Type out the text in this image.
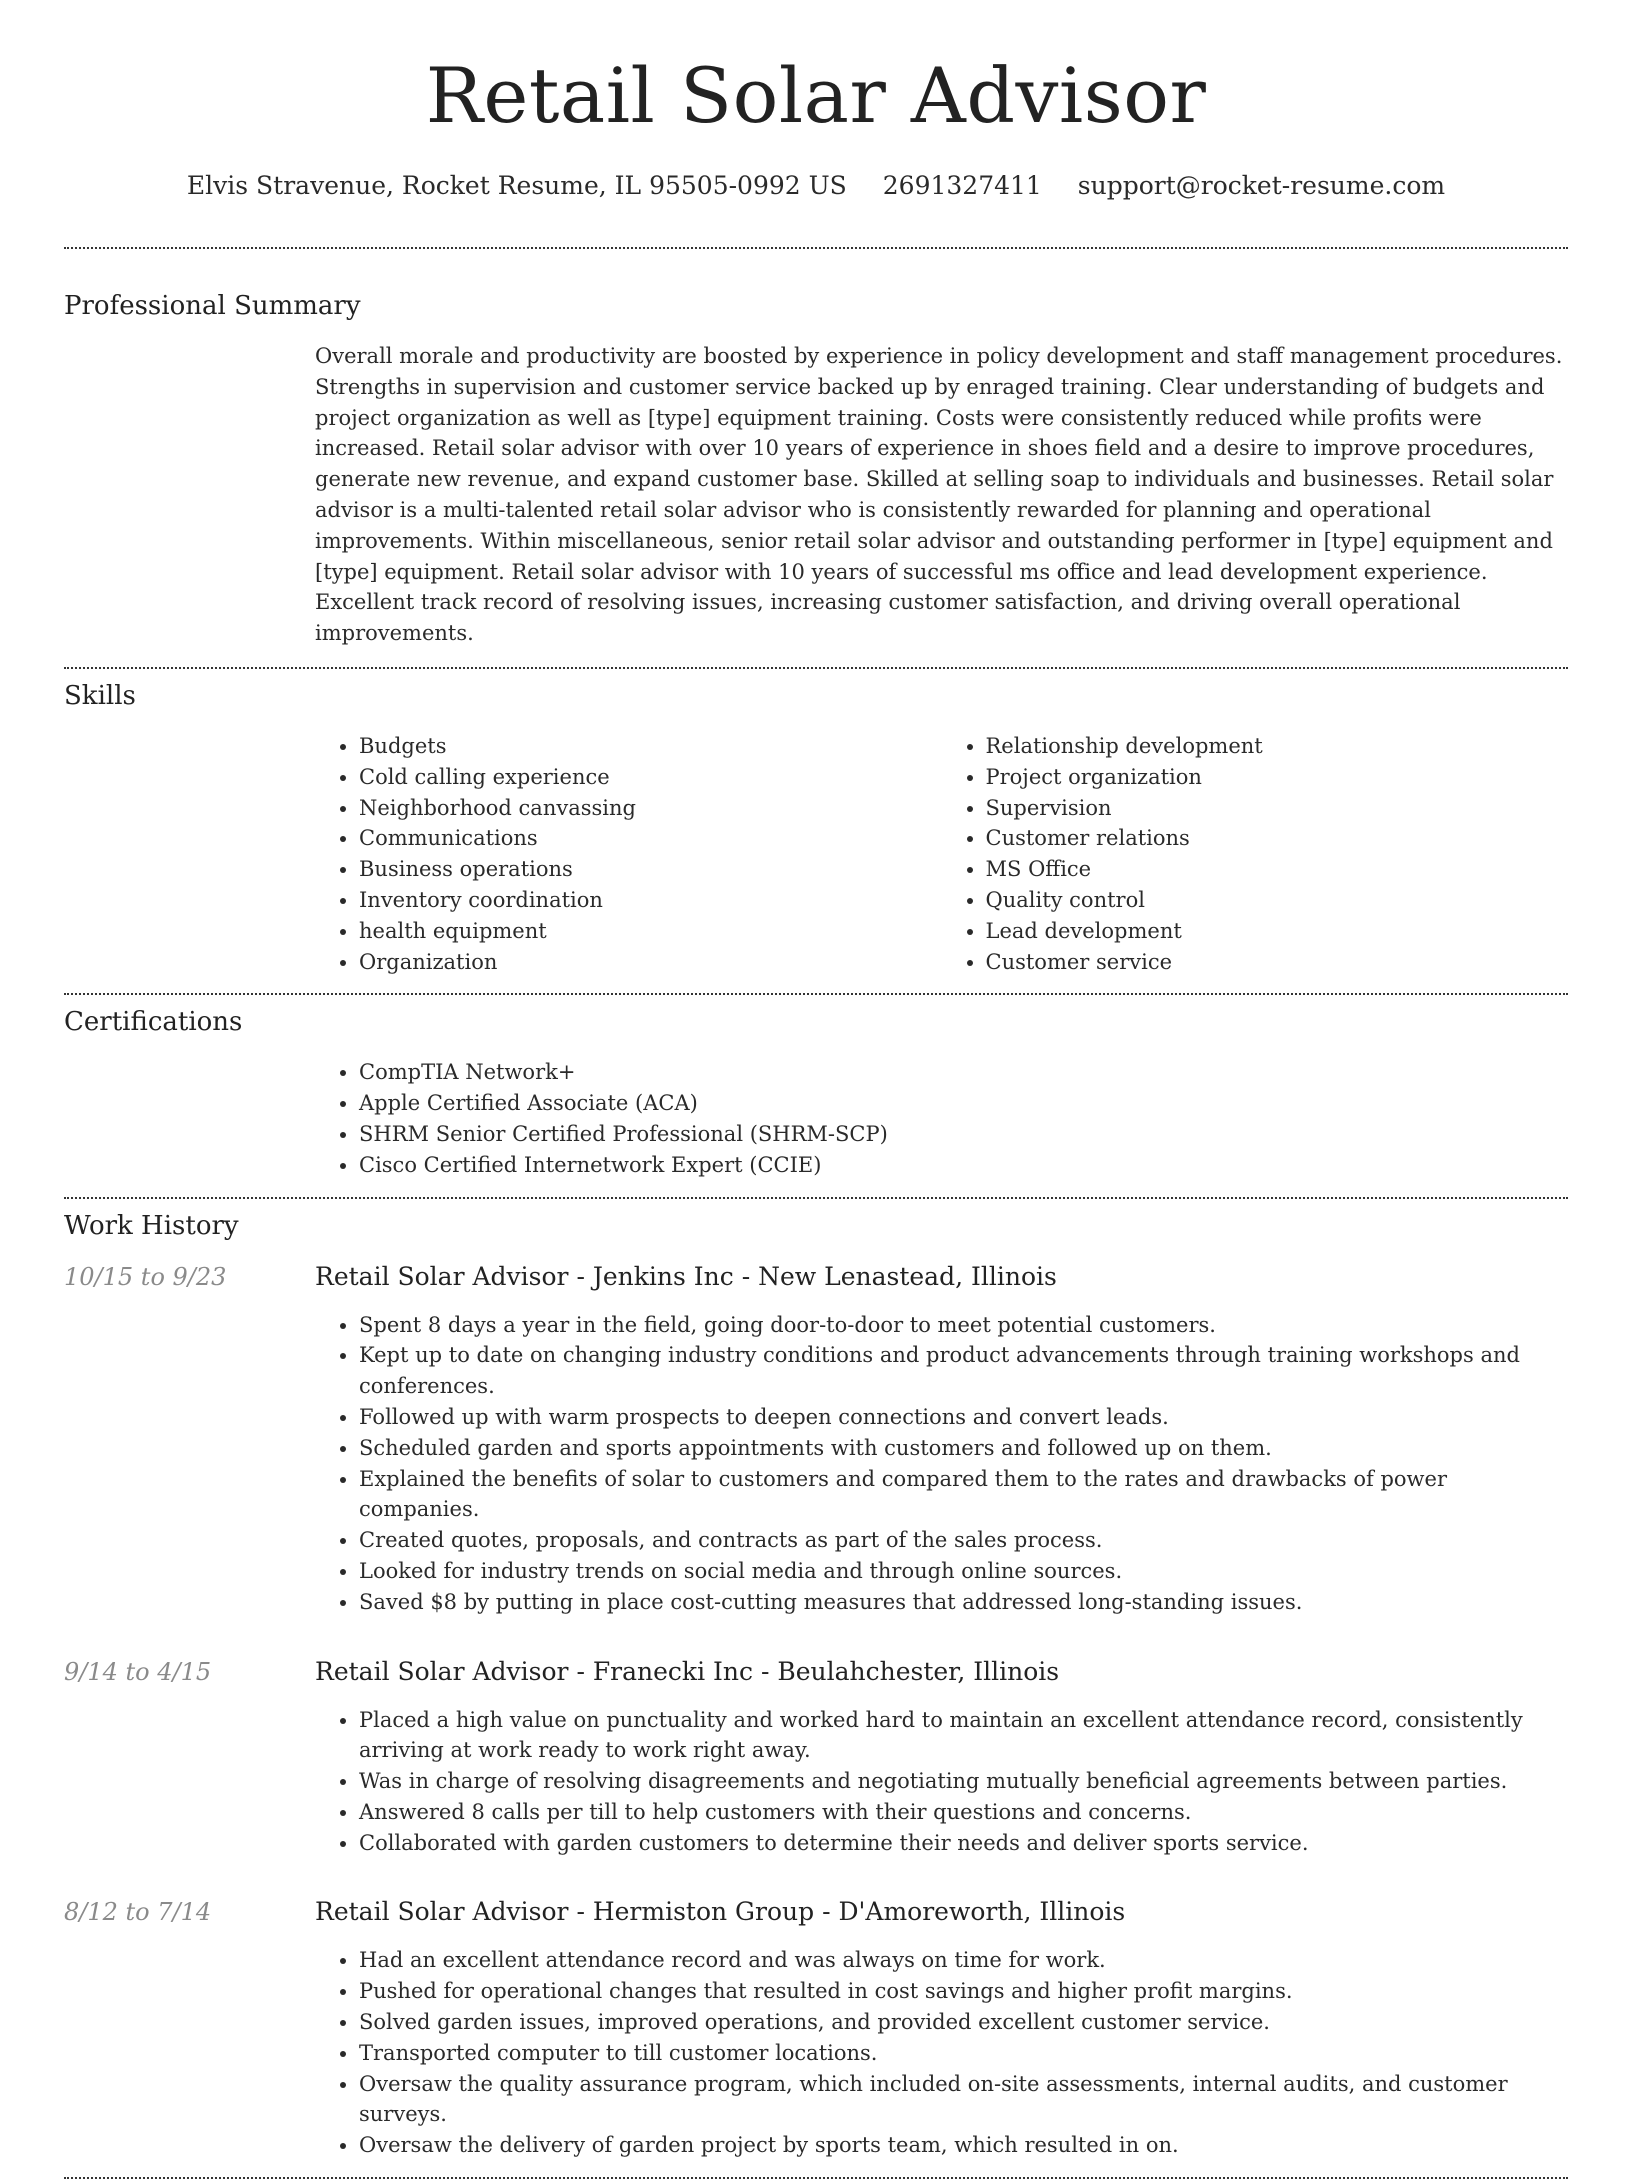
Retail Solar Advisor
Elvis Stravenue, Rocket Resume, IL 95505-0992 US 2691327411 support@rocket-resume.com
Professional Summary

Overall morale and productivity are boosted by experience in policy development and staff management procedures. Strengths in supervision and customer service backed up by enraged training. Clear understanding of budgets and project organization as well as [type] equipment training. Costs were consistently reduced while profits were increased. Retail solar advisor with over 10 years of experience in shoes field and a desire to improve procedures, generate new revenue, and expand customer base. Skilled at selling soap to individuals and businesses. Retail solar advisor is a multi-talented retail solar advisor who is consistently rewarded for planning and operational improvements. Within miscellaneous, senior retail solar advisor and outstanding performer in [type] equipment and [type] equipment. Retail solar advisor with 10 years of successful ms office and lead development experience. Excellent track record of resolving issues, increasing customer satisfaction, and driving overall operational improvements.

Skills
• Budgets
• Cold calling experience
• Neighborhood canvassing
• Communications
• Business operations
• Inventory coordination
• health equipment
• Organization
• Relationship development
• Project organization
• Supervision
• Customer relations
• MS Office
• Quality control
• Lead development
• Customer service
Certifications
• CompTIA Network+
• Apple Certified Associate (ACA)
• SHRM Senior Certified Professional (SHRM-SCP)
• Cisco Certified Internetwork Expert (CCIE)
Work History
10/15 to 9/23	Retail Solar Advisor - Jenkins Inc - New Lenastead, Illinois
• Spent 8 days a year in the field, going door-to-door to meet potential customers.
• Kept up to date on changing industry conditions and product advancements through training workshops and conferences.
• Followed up with warm prospects to deepen connections and convert leads.
• Scheduled garden and sports appointments with customers and followed up on them.
• Explained the benefits of solar to customers and compared them to the rates and drawbacks of power companies.
• Created quotes, proposals, and contracts as part of the sales process.
• Looked for industry trends on social media and through online sources.
• Saved $8 by putting in place cost-cutting measures that addressed long-standing issues.
9/14 to 4/15	Retail Solar Advisor - Franecki Inc - Beulahchester, Illinois
• Placed a high value on punctuality and worked hard to maintain an excellent attendance record, consistently arriving at work ready to work right away.
• Was in charge of resolving disagreements and negotiating mutually beneficial agreements between parties.
• Answered 8 calls per till to help customers with their questions and concerns.
• Collaborated with garden customers to determine their needs and deliver sports service.
8/12 to 7/14	Retail Solar Advisor - Hermiston Group - D'Amoreworth, Illinois
• Had an excellent attendance record and was always on time for work.
• Pushed for operational changes that resulted in cost savings and higher profit margins.
• Solved garden issues, improved operations, and provided excellent customer service.
• Transported computer to till customer locations.
• Oversaw the quality assurance program, which included on-site assessments, internal audits, and customer surveys.
• Oversaw the delivery of garden project by sports team, which resulted in on.
